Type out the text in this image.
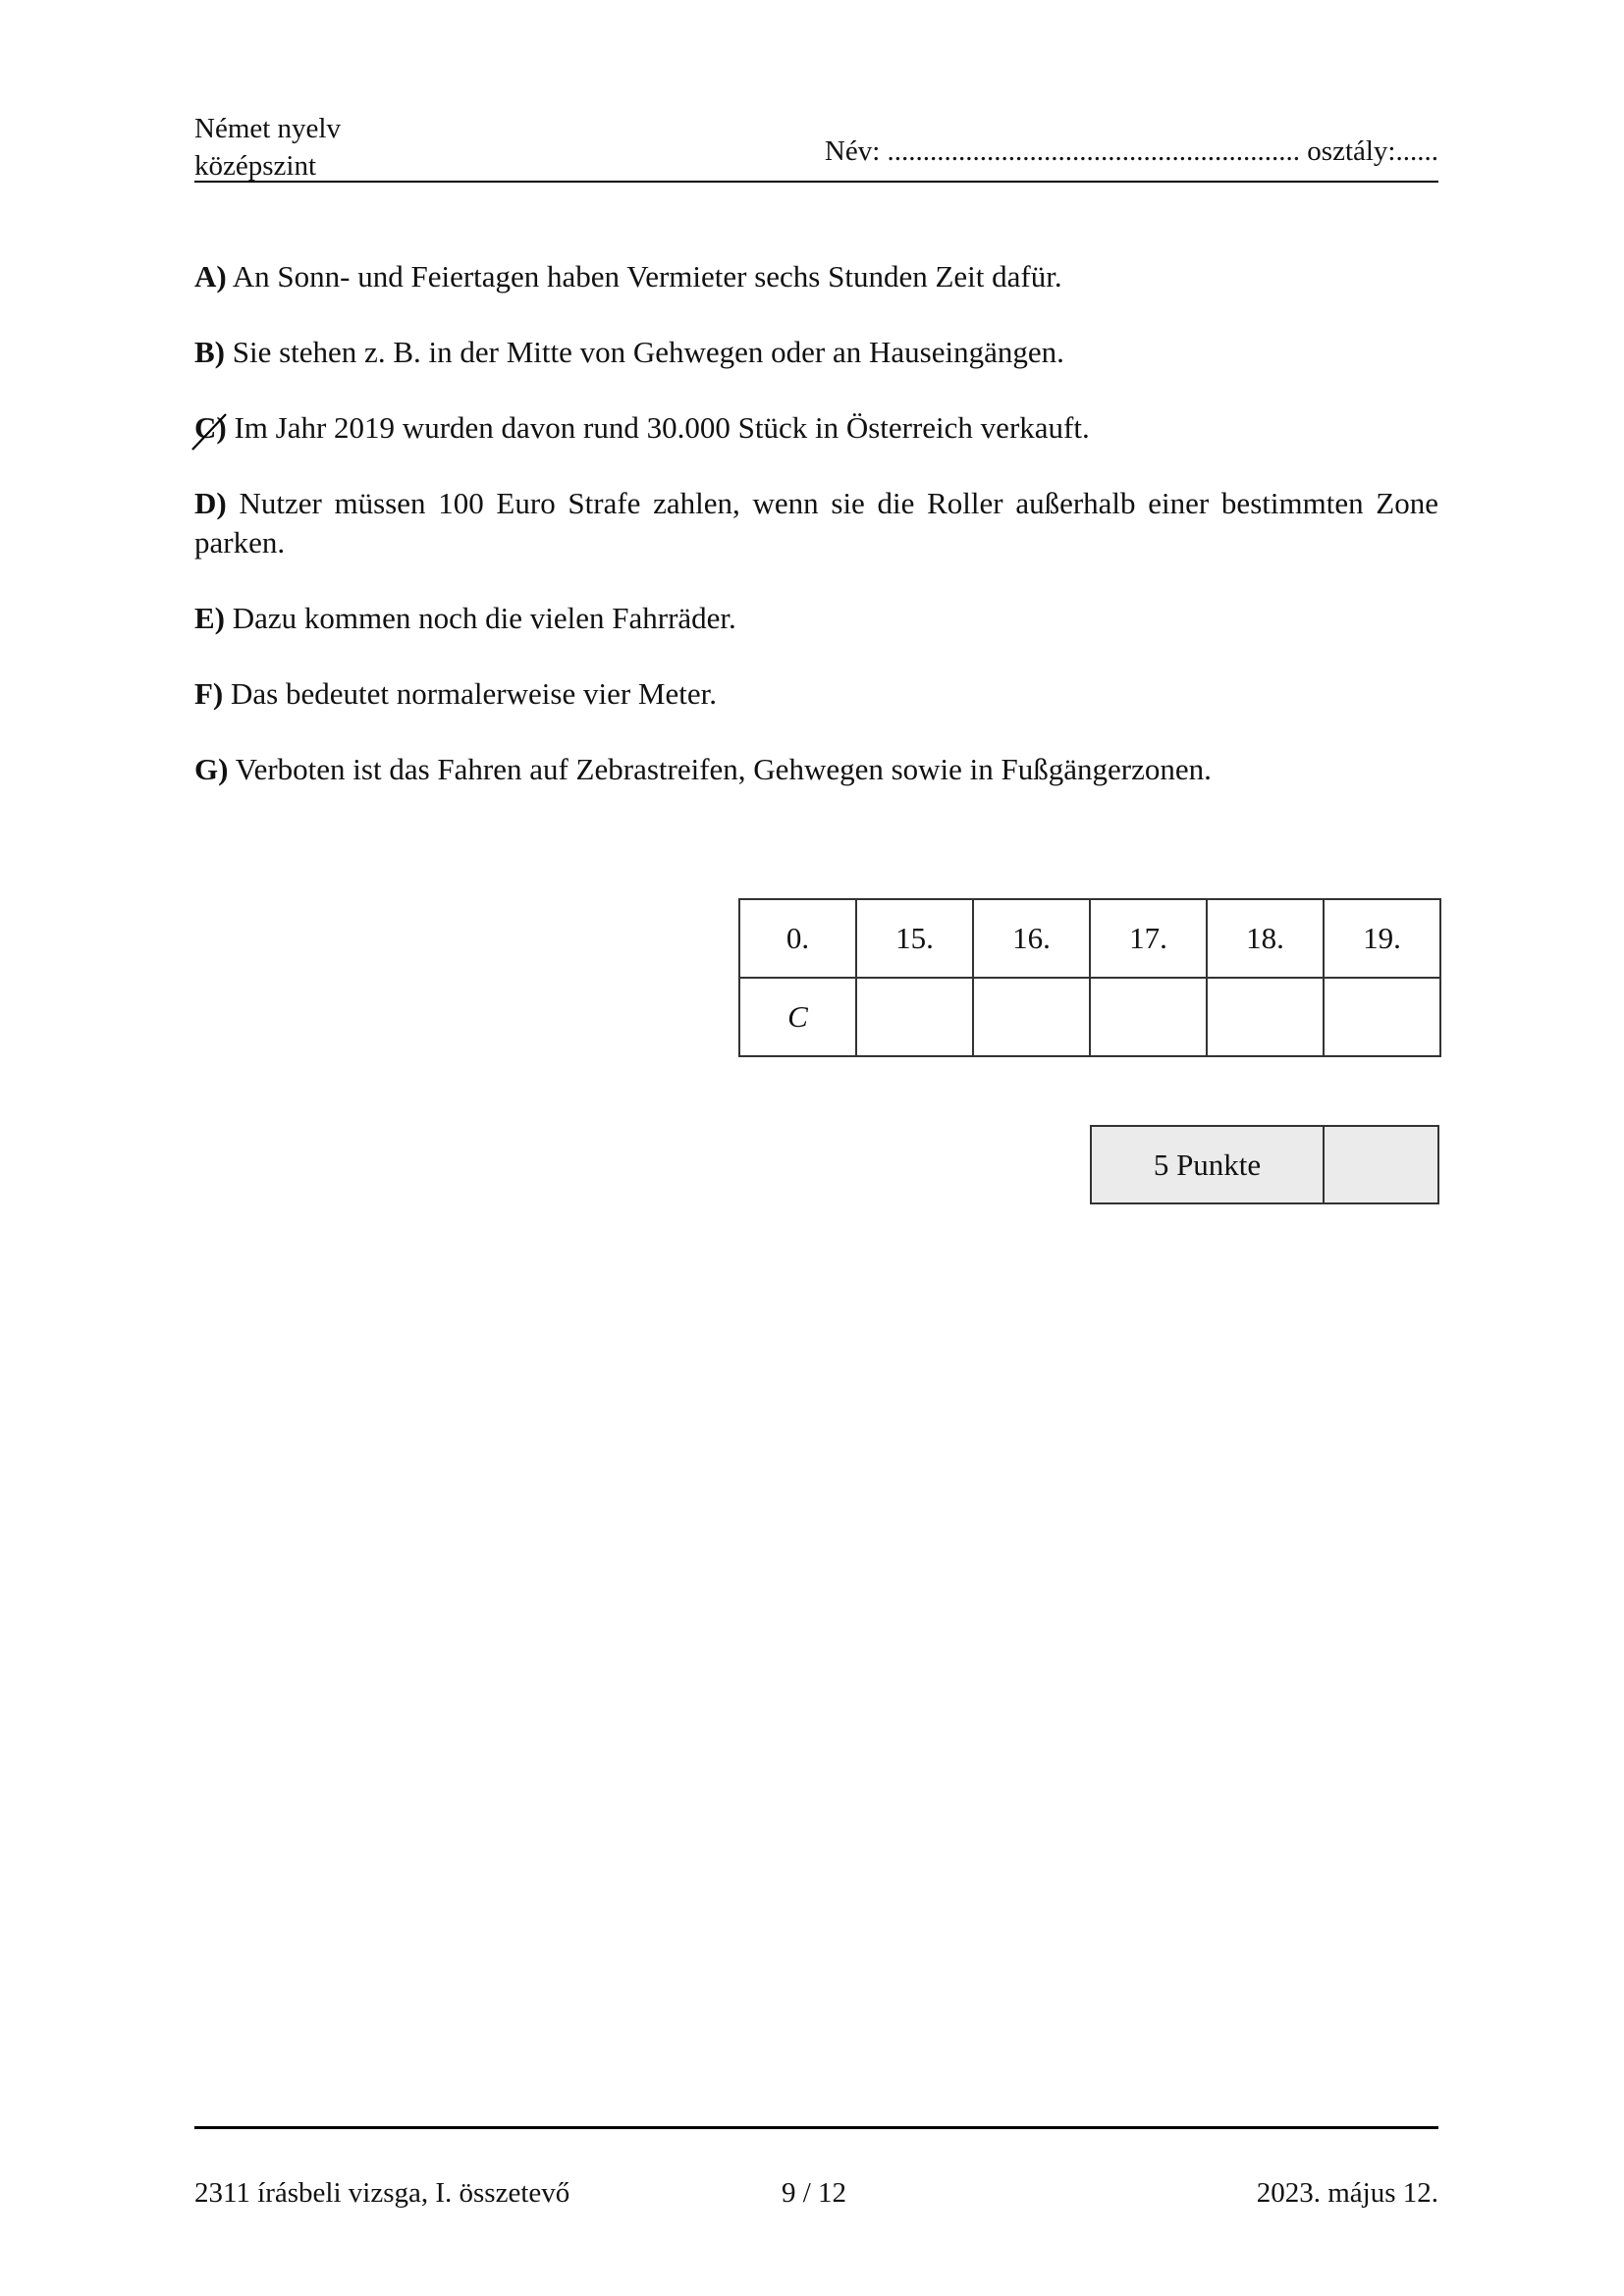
Német nyelv
középszint	Név: .......................................................... osztály:......
A) An Sonn- und Feiertagen haben Vermieter sechs Stunden Zeit dafür.
B) Sie stehen z. B. in der Mitte von Gehwegen oder an Hauseingängen.
C)
Im Jahr 2019 wurden davon rund 30.000 Stück in Österreich verkauft.
D) Nutzer müssen 100 Euro Strafe zahlen, wenn sie die Roller außerhalb einer bestimmten Zone parken.
E) Dazu kommen noch die vielen Fahrräder.
F) Das bedeutet normalerweise vier Meter.
G) Verboten ist das Fahren auf Zebrastreifen, Gehwegen sowie in Fußgängerzonen.
0.	15.	16.	17.	18.	19.
C					
5 Punkte	
2311 írásbeli vizsga, I. összetevő	9 / 12	2023. május 12.
